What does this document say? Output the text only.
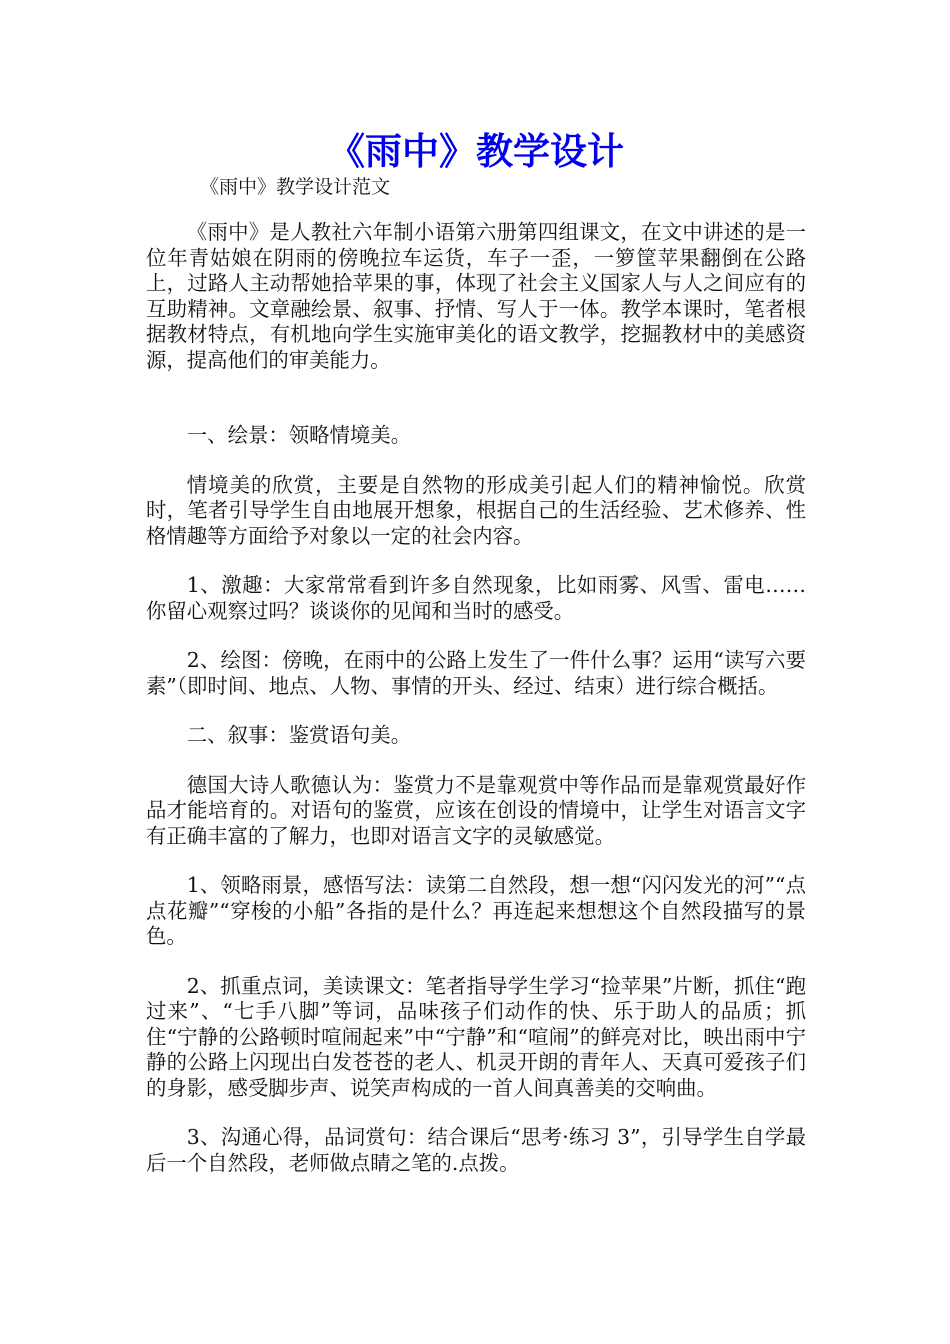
《雨中》教学设计

《雨中》教学设计范文

《雨中》是人教社六年制小语第六册第四组课文，在文中讲述的是一位年青姑娘在阴雨的傍晚拉车运货，车子一歪，一箩筐苹果翻倒在公路上，过路人主动帮她拾苹果的事，体现了社会主义国家人与人之间应有的互助精神。文章融绘景、叙事、抒情、写人于一体。教学本课时，笔者根据教材特点，有机地向学生实施审美化的语文教学，挖掘教材中的美感资源，提高他们的审美能力。

一、绘景：领略情境美。

情境美的欣赏，主要是自然物的形成美引起人们的精神愉悦。欣赏时，笔者引导学生自由地展开想象，根据自己的生活经验、艺术修养、性格情趣等方面给予对象以一定的社会内容。

1、激趣：大家常常看到许多自然现象，比如雨雾、风雪、雷电……你留心观察过吗？谈谈你的见闻和当时的感受。

2、绘图：傍晚，在雨中的公路上发生了一件什么事？运用“读写六要素”（即时间、地点、人物、事情的开头、经过、结束）进行综合概括。

二、叙事：鉴赏语句美。

德国大诗人歌德认为：鉴赏力不是靠观赏中等作品而是靠观赏最好作品才能培育的。对语句的鉴赏，应该在创设的情境中，让学生对语言文字有正确丰富的了解力，也即对语言文字的灵敏感觉。

1、领略雨景，感悟写法：读第二自然段，想一想“闪闪发光的河”“点点花瓣”“穿梭的小船”各指的是什么？再连起来想想这个自然段描写的景色。

2、抓重点词，美读课文：笔者指导学生学习“捡苹果”片断，抓住“跑过来”、“七手八脚”等词，品味孩子们动作的快、乐于助人的品质；抓住“宁静的公路顿时喧闹起来”中“宁静”和“喧闹”的鲜亮对比，映出雨中宁静的公路上闪现出白发苍苍的老人、机灵开朗的青年人、天真可爱孩子们的身影，感受脚步声、说笑声构成的一首人间真善美的交响曲。

3、沟通心得，品词赏句：结合课后“思考·练习 3”，引导学生自学最后一个自然段，老师做点睛之笔的.点拨。
